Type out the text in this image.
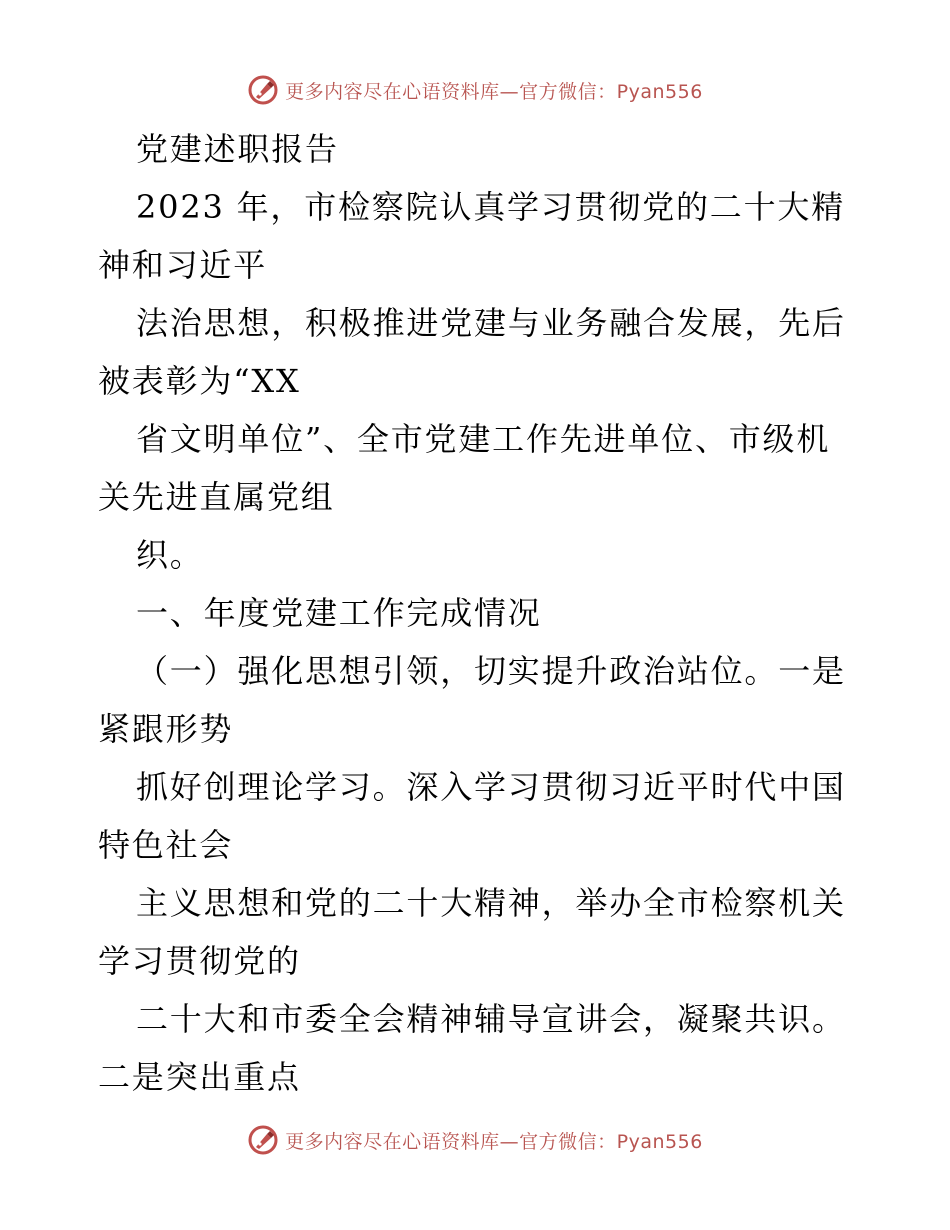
更多内容尽在心语资料库—官方微信：Pyan556
党建述职报告
2023 年，市检察院认真学习贯彻党的二十大精
神和习近平
法治思想，积极推进党建与业务融合发展，先后
被表彰为“XX
省文明单位”、全市党建工作先进单位、市级机
关先进直属党组
织。
一、年度党建工作完成情况
（一）强化思想引领，切实提升政治站位。一是
紧跟形势
抓好创理论学习。深入学习贯彻习近平时代中国
特色社会
主义思想和党的二十大精神，举办全市检察机关
学习贯彻党的
二十大和市委全会精神辅导宣讲会，凝聚共识。
二是突出重点
更多内容尽在心语资料库—官方微信：Pyan556
